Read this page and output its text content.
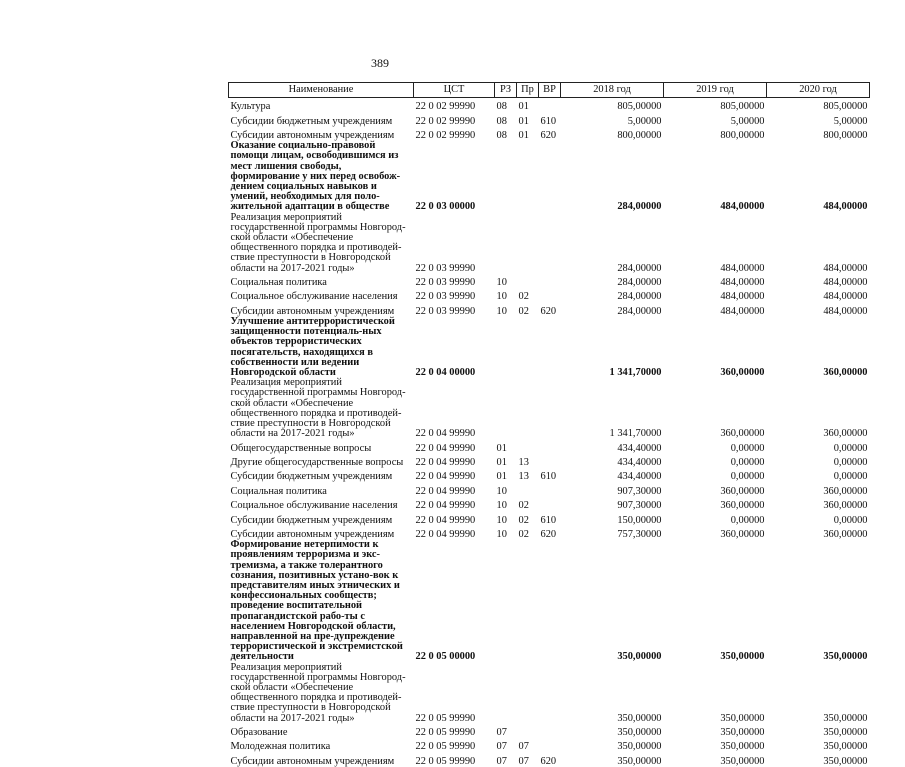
389
Наименование	ЦСТ	РЗ	Пр	ВР	2018 год	2019 год	2020 год
Культура	22 0 02 99990	08	01		805,00000	805,00000	805,00000
Субсидии бюджетным учреждениям	22 0 02 99990	08	01	610	5,00000	5,00000	5,00000
Субсидии автономным учреждениям	22 0 02 99990	08	01	620	800,00000	800,00000	800,00000
Оказание социально-правовой помощи лицам, освободившимся из мест лишения свободы, формирование у них перед освобож-дением социальных навыков и умений, необходимых для поло-жительной адаптации в обществе	22 0 03 00000				284,00000	484,00000	484,00000
Реализация мероприятий государственной программы Новгород-ской области «Обеспечение общественного порядка и противодей-ствие преступности в Новгородской области на 2017-2021 годы»	22 0 03 99990				284,00000	484,00000	484,00000
Социальная политика	22 0 03 99990	10			284,00000	484,00000	484,00000
Социальное обслуживание населения	22 0 03 99990	10	02		284,00000	484,00000	484,00000
Субсидии автономным учреждениям	22 0 03 99990	10	02	620	284,00000	484,00000	484,00000
Улучшение антитеррористической защищенности потенциаль-ных объектов террористических посягательств, находящихся в собственности или ведении Новгородской области	22 0 04 00000				1 341,70000	360,00000	360,00000
Реализация мероприятий государственной программы Новгород-ской области «Обеспечение общественного порядка и противодей-ствие преступности в Новгородской области на 2017-2021 годы»	22 0 04 99990				1 341,70000	360,00000	360,00000
Общегосударственные вопросы	22 0 04 99990	01			434,40000	0,00000	0,00000
Другие общегосударственные вопросы	22 0 04 99990	01	13		434,40000	0,00000	0,00000
Субсидии бюджетным учреждениям	22 0 04 99990	01	13	610	434,40000	0,00000	0,00000
Социальная политика	22 0 04 99990	10			907,30000	360,00000	360,00000
Социальное обслуживание населения	22 0 04 99990	10	02		907,30000	360,00000	360,00000
Субсидии бюджетным учреждениям	22 0 04 99990	10	02	610	150,00000	0,00000	0,00000
Субсидии автономным учреждениям	22 0 04 99990	10	02	620	757,30000	360,00000	360,00000
Формирование нетерпимости к проявлениям терроризма и экс-тремизма, а также толерантного сознания, позитивных устано-вок к представителям иных этнических и конфессиональных сообществ; проведение воспитательной пропагандистской рабо-ты с населением Новгородской области, направленной на пре-дупреждение террористической и экстремистской деятельности	22 0 05 00000				350,00000	350,00000	350,00000
Реализация мероприятий государственной программы Новгород-ской области «Обеспечение общественного порядка и противодей-ствие преступности в Новгородской области на 2017-2021 годы»	22 0 05 99990				350,00000	350,00000	350,00000
Образование	22 0 05 99990	07			350,00000	350,00000	350,00000
Молодежная политика	22 0 05 99990	07	07		350,00000	350,00000	350,00000
Субсидии автономным учреждениям	22 0 05 99990	07	07	620	350,00000	350,00000	350,00000
